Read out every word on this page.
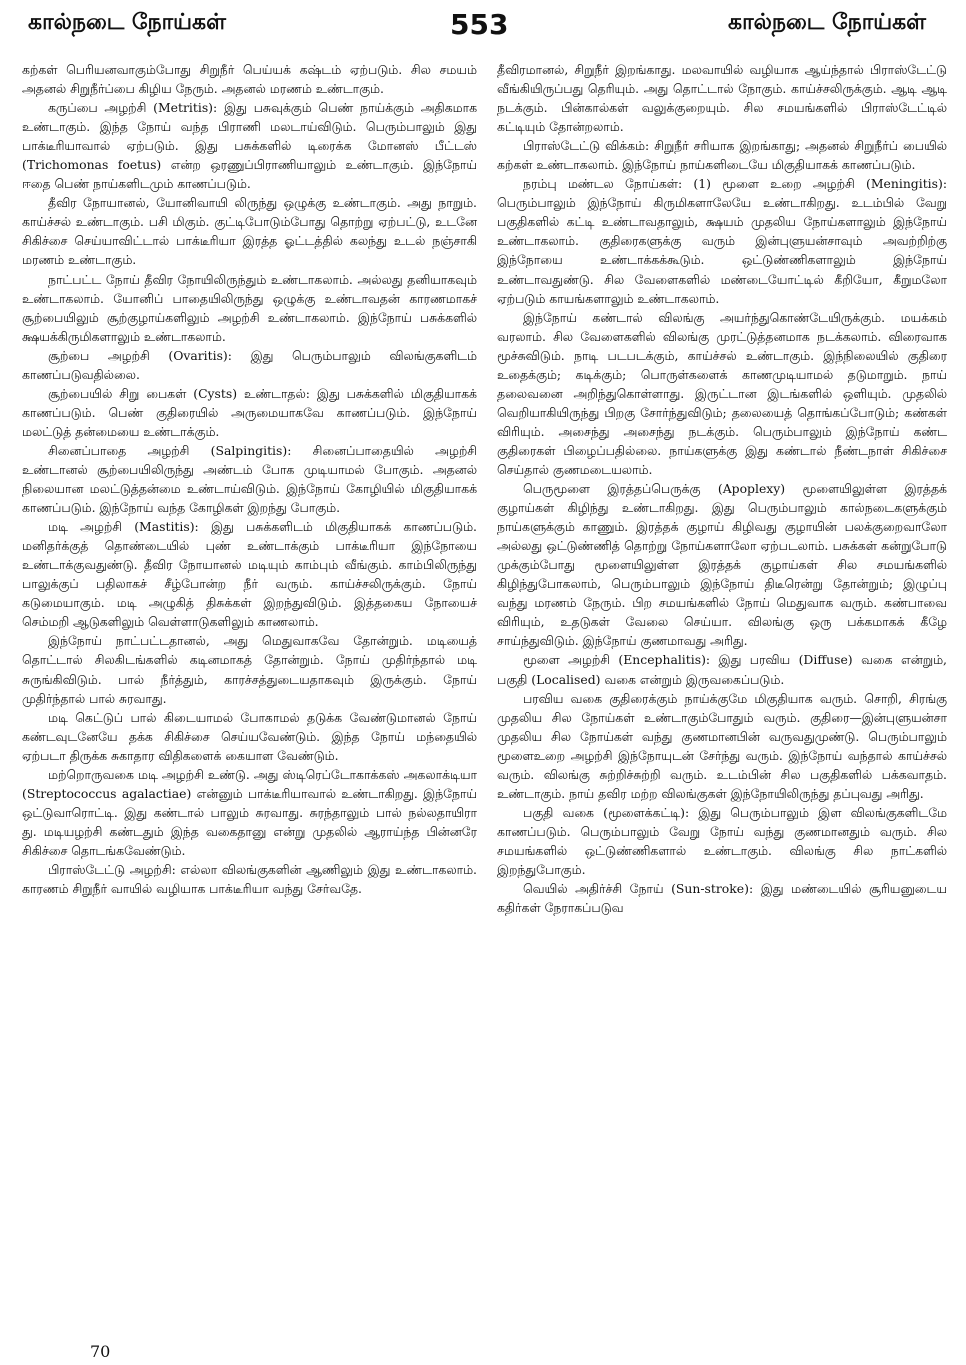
கால்நடை நோய்கள்	553	கால்நடை நோய்கள்

கற்கள் பெரியனவாகும்போது சிறுநீர் பெய்யக் கஷ்டம் ஏற்படும். சில சமயம் அதனல் சிறுநீர்ப்பை கிழிய நேரும். அதனல் மரணம் உண்டாகும்.

கருப்பை அழற்சி (Metritis): இது பசுவுக்கும் பெண் நாய்க்கும் அதிகமாக உண்டாகும். இந்த நோய் வந்த பிராணி மலடாய்விடும். பெரும்பாலும் இது பாக்டீரியாவால் ஏற்படும். இது பசுக்களில் டிரைக்க மோனஸ் பீட்டஸ் (Trichomonas foetus) என்ற ஒரணுப்பிராணியாலும் உண்டாகும். இந்நோய் ஈதை பெண் நாய்களிடமும் காணப்படும்.

தீவிர நோயானல், யோனிவாயி லிருந்து ஒழுக்கு உண்டாகும். அது நாறும். காய்ச்சல் உண்டாகும். பசி மிகும். குட்டிபோடும்போது தொற்று ஏற்பட்டு, உடனே சிகிச்சை செய்யாவிட்டால் பாக்டீரியா இரத்த ஓட்டத்தில் கலந்து உடல் நஞ்சாகி மரணம் உண்டாகும்.

நாட்பட்ட நோய் தீவிர நோயிலிருந்தும் உண்டாகலாம். அல்லது தனியாகவும் உண்டாகலாம். யோனிப் பாதையிலிருந்து ஒழுக்கு உண்டாவதன் காரணமாகச் சூற்பையிலும் சூற்குழாய்களிலும் அழற்சி உண்டாகலாம். இந்நோய் பசுக்களில் க்ஷயக்கிருமிகளாலும் உண்டாகலாம்.

சூற்பை அழற்சி (Ovaritis): இது பெரும்பாலும் விலங்குகளிடம் காணப்படுவதில்லை.

சூற்பையில் சிறு பைகள் (Cysts) உண்டாதல்: இது பசுக்களில் மிகுதியாகக் காணப்படும். பெண் குதிரையில் அருமையாகவே காணப்படும். இந்நோய் மலட்டுத் தன்மையை உண்டாக்கும்.

சினைப்பாதை அழற்சி (Salpingitis): சினைப்பாதையில் அழற்சி உண்டானல் சூற்பையிலிருந்து அண்டம் போக முடியாமல் போகும். அதனல் நிலையான மலட்டுத்தன்மை உண்டாய்விடும். இந்நோய் கோழியில் மிகுதியாகக் காணப்படும். இந்நோய் வந்த கோழிகள் இறந்து போகும்.

மடி அழற்சி (Mastitis): இது பசுக்களிடம் மிகுதியாகக் காணப்படும். மனிதர்க்குத் தொண்டையில் புண் உண்டாக்கும் பாக்டீரியா இந்நோயை உண்டாக்குவதுண்டு. தீவிர நோயானல் மடியும் காம்பும் வீங்கும். காம்பிலிருந்து பாலுக்குப் பதிலாகச் சீழ்போன்ற நீர் வரும். காய்ச்சலிருக்கும். நோய் கடுமையாகும். மடி அழுகித் திசுக்கள் இறந்துவிடும். இத்தகைய நோயைச் செம்மறி ஆடுகளிலும் வெள்ளாடுகளிலும் காணலாம்.

இந்நோய் நாட்பட்டதானல், அது மெதுவாகவே தோன்றும். மடியைத் தொட்டால் சிலகிடங்களில் கடினமாகத் தோன்றும். நோய் முதிர்ந்தால் மடி சுருங்கிவிடும். பால் நீர்த்தும், காரச்சத்துடையதாகவும் இருக்கும். நோய் முதிர்ந்தால் பால் சுரவாது.

மடி கெட்டுப் பால் கிடையாமல் போகாமல் தடுக்க வேண்டுமானல் நோய் கண்டவுடனேயே தக்க சிகிச்சை செய்யவேண்டும். இந்த நோய் மந்தையில் ஏற்படா திருக்க சுகாதார விதிகளைக் கையாள வேண்டும்.

மற்றொருவகை மடி அழற்சி உண்டு. அது ஸ்டிரெப்டோகாக்கஸ் அகலாக்டியா (Streptococcus agalactiae) என்னும் பாக்டீரியாவால் உண்டாகிறது. இந்நோய் ஒட்டுவாரொட்டி. இது கண்டால் பாலும் சுரவாது. சுரந்தாலும் பால் நல்லதாயிரா து. மடியழற்சி கண்டதும் இந்த வகைதானு என்று முதலில் ஆராய்ந்த பின்னரே சிகிச்சை தொடங்கவேண்டும்.

பிராஸ்டேட்டு அழற்சி: எல்லா விலங்குகளின் ஆணிலும் இது உண்டாகலாம். காரணம் சிறுநீர் வாயில் வழியாக பாக்டீரியா வந்து சேர்வதே.

தீவிரமானல், சிறுநீர் இறங்காது. மலவாயில் வழியாக ஆய்ந்தால் பிராஸ்டேட்டு வீங்கியிருப்பது தெரியும். அது தொட்டால் நோகும். காய்ச்சலிருக்கும். ஆடி ஆடி நடக்கும். பின்கால்கள் வலுக்குறையும். சில சமயங்களில் பிராஸ்டேட்டில் கட்டியும் தோன்றலாம்.

பிராஸ்டேட்டு விக்கம்: சிறுநீர் சரியாக இறங்காது; அதனல் சிறுநீர்ப் பையில் கற்கள் உண்டாகலாம். இந்நோய் நாய்களிடையே மிகுதியாகக் காணப்படும்.

நரம்பு மண்டல நோய்கள்: (1) மூளை உறை அழற்சி (Meningitis): பெரும்பாலும் இந்நோய் கிருமிகளாலேயே உண்டாகிறது. உடம்பில் வேறு பகுதிகளில் கட்டி உண்டாவதாலும், க்ஷயம் முதலிய நோய்களாலும் இந்நோய் உண்டாகலாம். குதிரைகளுக்கு வரும் இன்புளுயன்சாவும் அவற்றிற்கு இந்நோயை உண்டாக்கக்கூடும். ஒட்டுண்ணிகளாலும் இந்நோய் உண்டாவதுண்டு. சில வேளைகளில் மண்டையோட்டில் கீறியோ, கீறுமலோ ஏற்படும் காயங்களாலும் உண்டாகலாம்.

இந்நோய் கண்டால் விலங்கு அயர்ந்துகொண்டேயிருக்கும். மயக்கம் வரலாம். சில வேளைகளில் விலங்கு முரட்டுத்தனமாக நடக்கலாம். விரைவாக மூச்சுவிடும். நாடி படபடக்கும், காய்ச்சல் உண்டாகும். இந்நிலையில் குதிரை உதைக்கும்; கடிக்கும்; பொருள்களைக் காணமுடியாமல் தடுமாறும். நாய் தலைவனை அறிந்துகொள்ளாது. இருட்டான இடங்களில் ஒளியும். முதலில் வெறியாகியிருந்து பிறகு சோர்ந்துவிடும்; தலையைத் தொங்கப்போடும்; கண்கள் விரியும். அசைந்து அசைந்து நடக்கும். பெரும்பாலும் இந்நோய் கண்ட குதிரைகள் பிழைப்பதில்லை. நாய்களுக்கு இது கண்டால் நீண்டநாள் சிகிச்சை செய்தால் குணமடையலாம்.

பெருமூளை இரத்தப்பெருக்கு (Apoplexy) மூளையிலுள்ள இரத்தக் குழாய்கள் கிழிந்து உண்டாகிறது. இது பெரும்பாலும் கால்நடைகளுக்கும் நாய்களுக்கும் காணும். இரத்தக் குழாய் கிழிவது குழாயின் பலக்குறைவாலோ அல்லது ஒட்டுண்ணித் தொற்று நோய்களாலோ ஏற்படலாம். பசுக்கள் கன்றுபோடு முக்கும்போது மூளையிலுள்ள இரத்தக் குழாய்கள் சில சமயங்களில் கிழிந்துபோகலாம், பெரும்பாலும் இந்நோய் திடீரென்று தோன்றும்; இழுப்பு வந்து மரணம் நேரும். பிற சமயங்களில் நோய் மெதுவாக வரும். கண்பாவை விரியும், உதடுகள் வேலை செய்யா. விலங்கு ஒரு பக்கமாகக் கீழே சாய்ந்துவிடும். இந்நோய் குணமாவது அரிது.

மூளை அழற்சி (Encephalitis): இது பரவிய (Diffuse) வகை என்றும், பகுதி (Localised) வகை என்றும் இருவகைப்படும்.

பரவிய வகை குதிரைக்கும் நாய்க்குமே மிகுதியாக வரும். சொறி, சிரங்கு முதலிய சில நோய்கள் உண்டாகும்போதும் வரும். குதிரை—இன்புளுயன்சா முதலிய சில நோய்கள் வந்து குணமானபின் வருவதுமுண்டு. பெரும்பாலும் மூளைஉறை அழற்சி இந்நோயுடன் சேர்ந்து வரும். இந்நோய் வந்தால் காய்ச்சல் வரும். விலங்கு சுற்றிச்சுற்றி வரும். உடம்பின் சில பகுதிகளில் பக்கவாதம். உண்டாகும். நாய் தவிர மற்ற விலங்குகள் இந்நோயிலிருந்து தப்புவது அரிது.

பகுதி வகை (மூளைக்கட்டி): இது பெரும்பாலும் இள விலங்குகளிடமே காணப்படும். பெரும்பாலும் வேறு நோய் வந்து குணமானதும் வரும். சில சமயங்களில் ஒட்டுண்ணிகளால் உண்டாகும். விலங்கு சில நாட்களில் இறந்துபோகும்.

வெயில் அதிர்ச்சி நோய் (Sun-stroke): இது மண்டையில் சூரியனுடைய கதிர்கள் நேராகப்படுவ

70
